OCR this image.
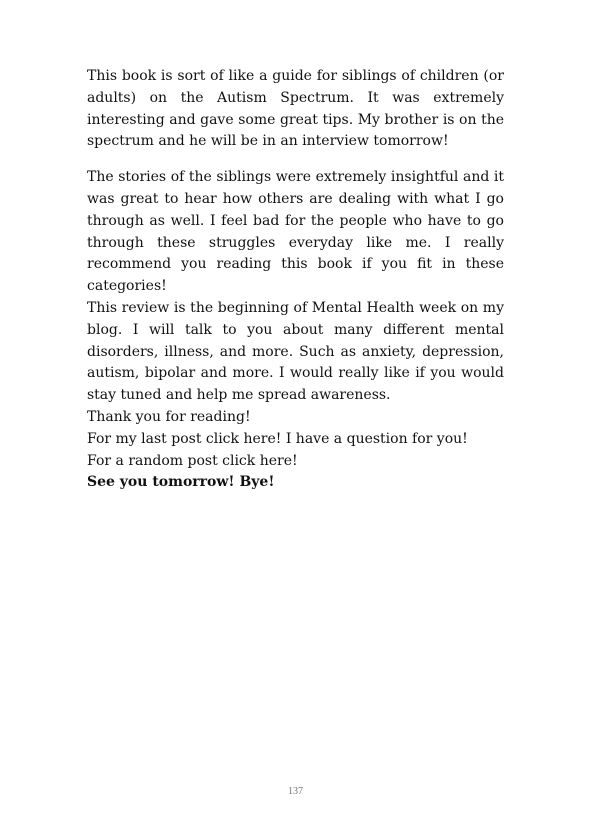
This book is sort of like a guide for siblings of children (or adults) on the Autism Spectrum. It was extremely interesting and gave some great tips. My brother is on the spectrum and he will be in an interview tomorrow!

The stories of the siblings were extremely insightful and it was great to hear how others are dealing with what I go through as well. I feel bad for the people who have to go through these struggles everyday like me. I really recommend you reading this book if you fit in these categories!

This review is the beginning of Mental Health week on my blog. I will talk to you about many different mental disorders, illness, and more. Such as anxiety, depression, autism, bipolar and more. I would really like if you would stay tuned and help me spread awareness.

Thank you for reading!

For my last post click here! I have a question for you!

For a random post click here!

See you tomorrow! Bye!

137
